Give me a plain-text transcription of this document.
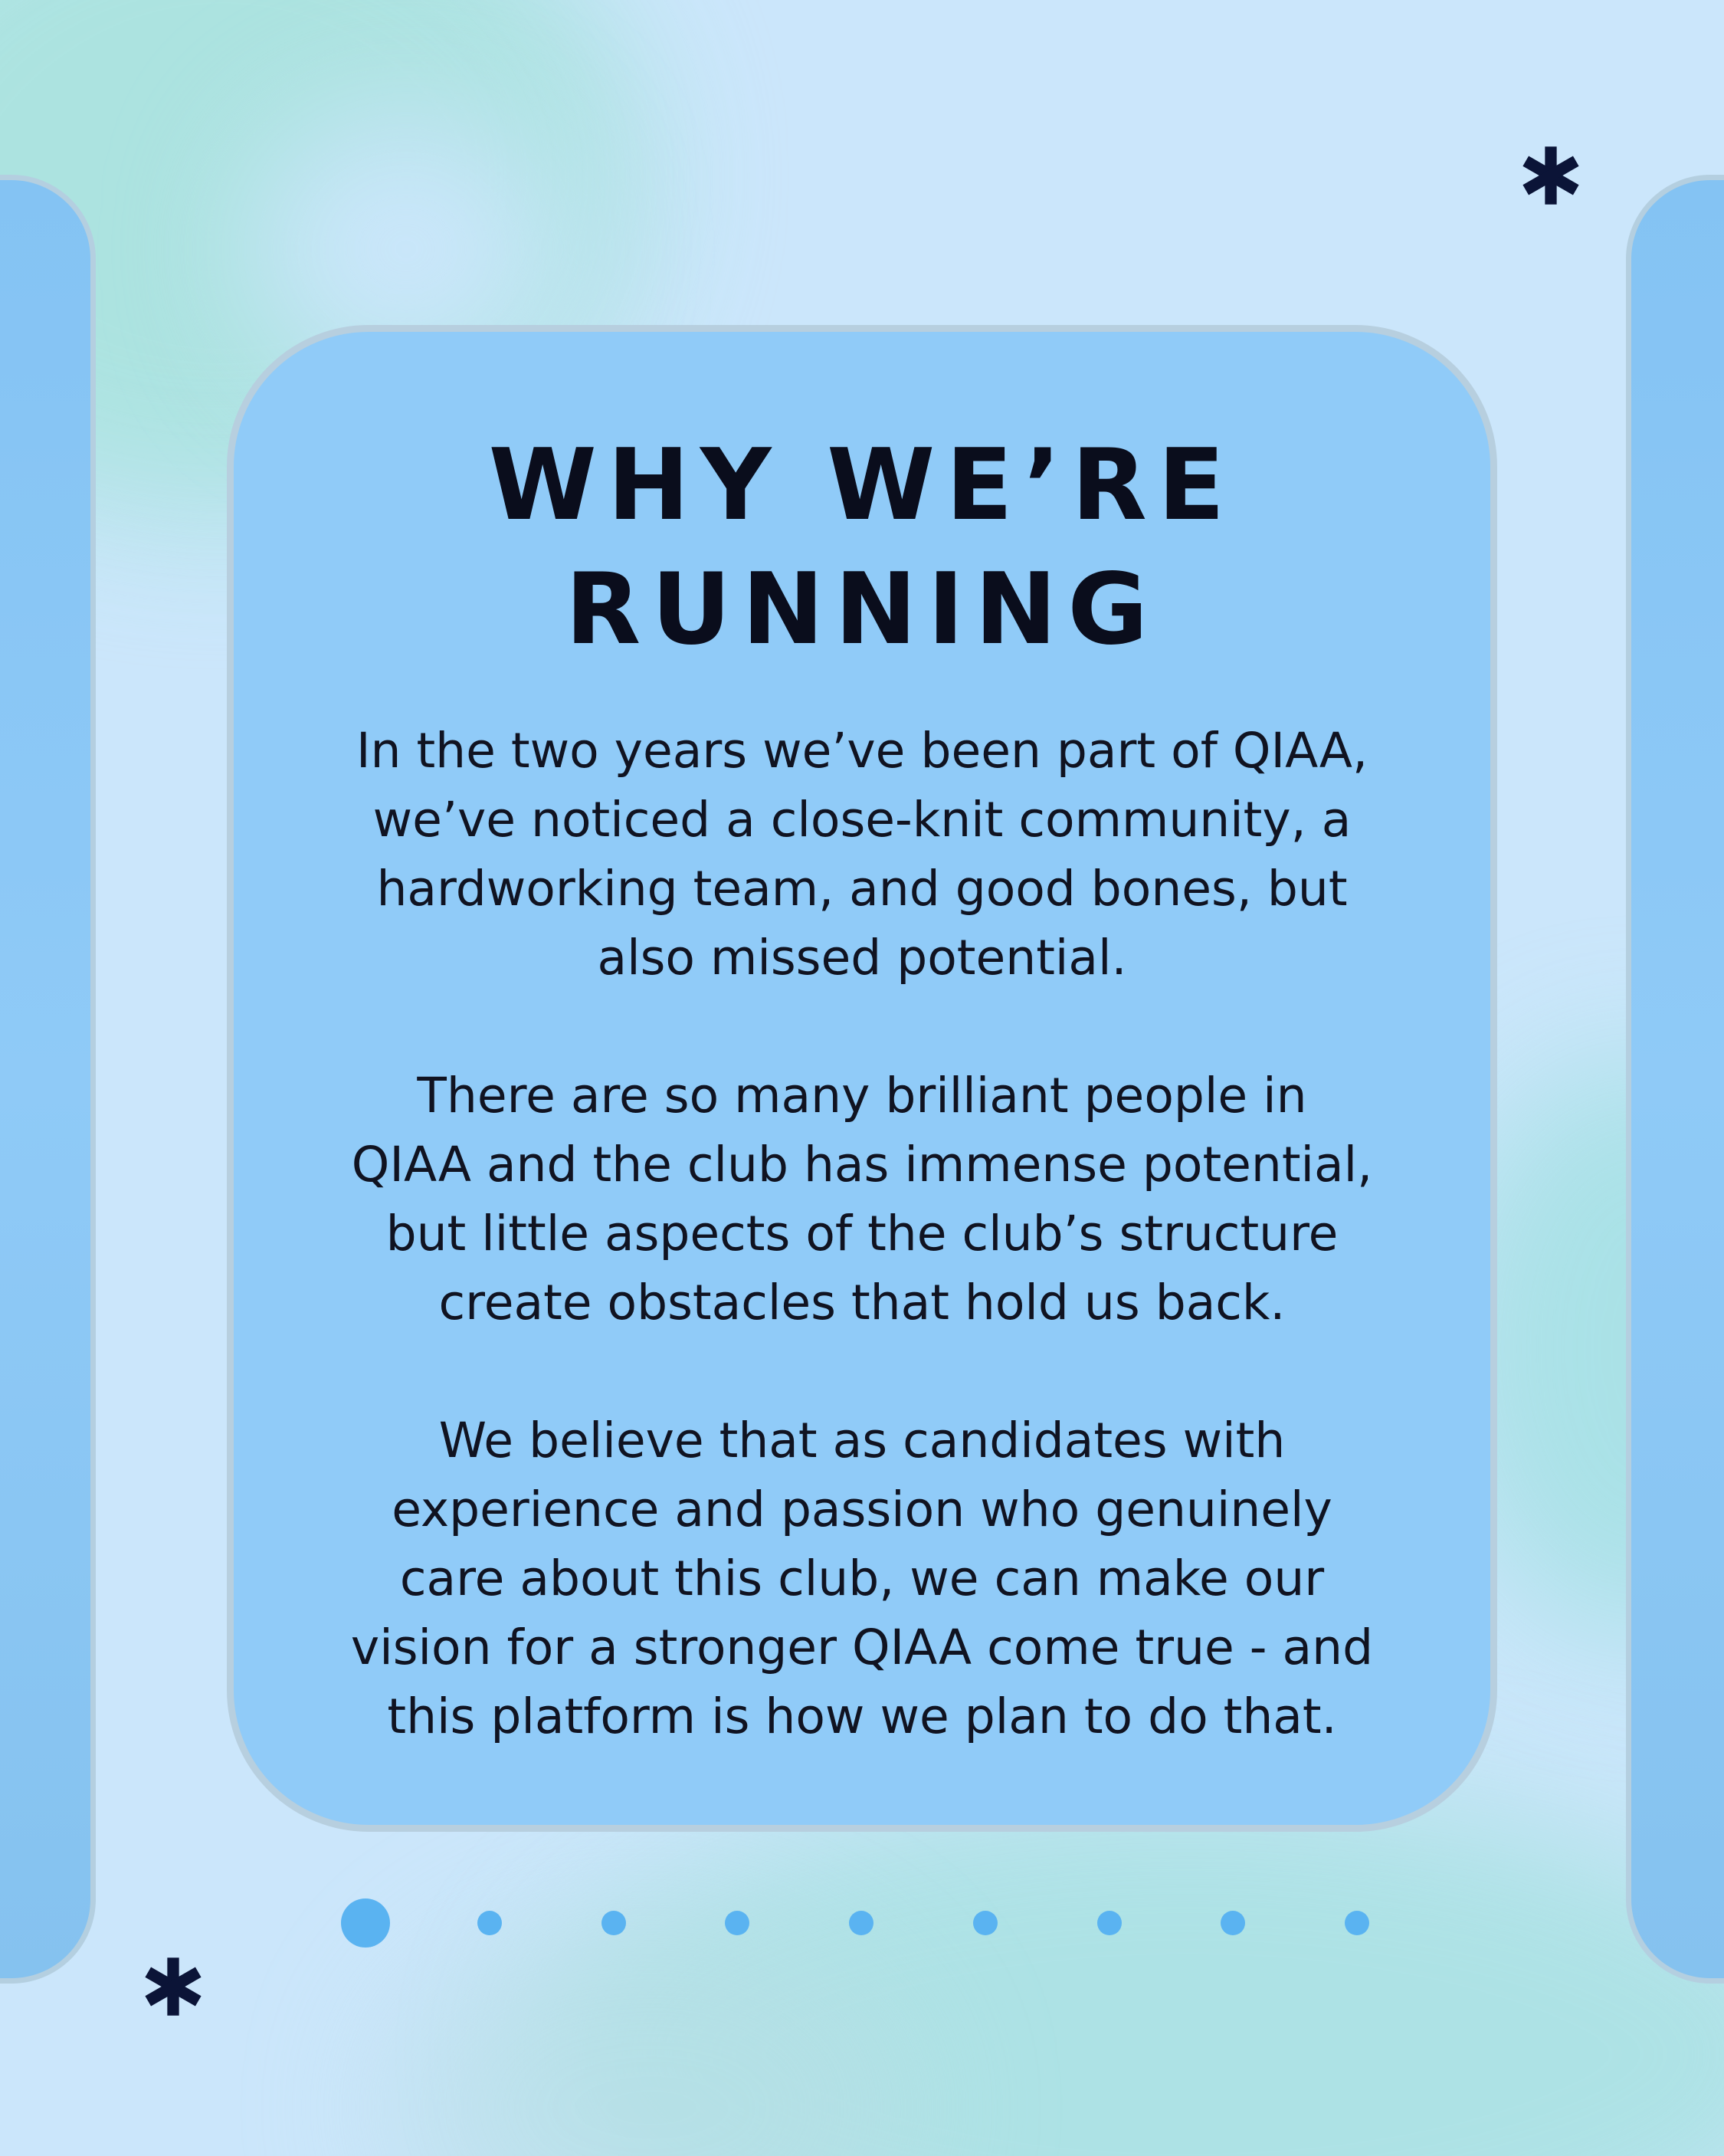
WHY WE’RE
RUNNING
In the two years we’ve been part of QIAA,
we’ve noticed a close-knit community, a
hardworking team, and good bones, but
also missed potential.
There are so many brilliant people in
QIAA and the club has immense potential,
but little aspects of the club’s structure
create obstacles that hold us back.
We believe that as candidates with
experience and passion who genuinely
care about this club, we can make our
vision for a stronger QIAA come true - and
this platform is how we plan to do that.
